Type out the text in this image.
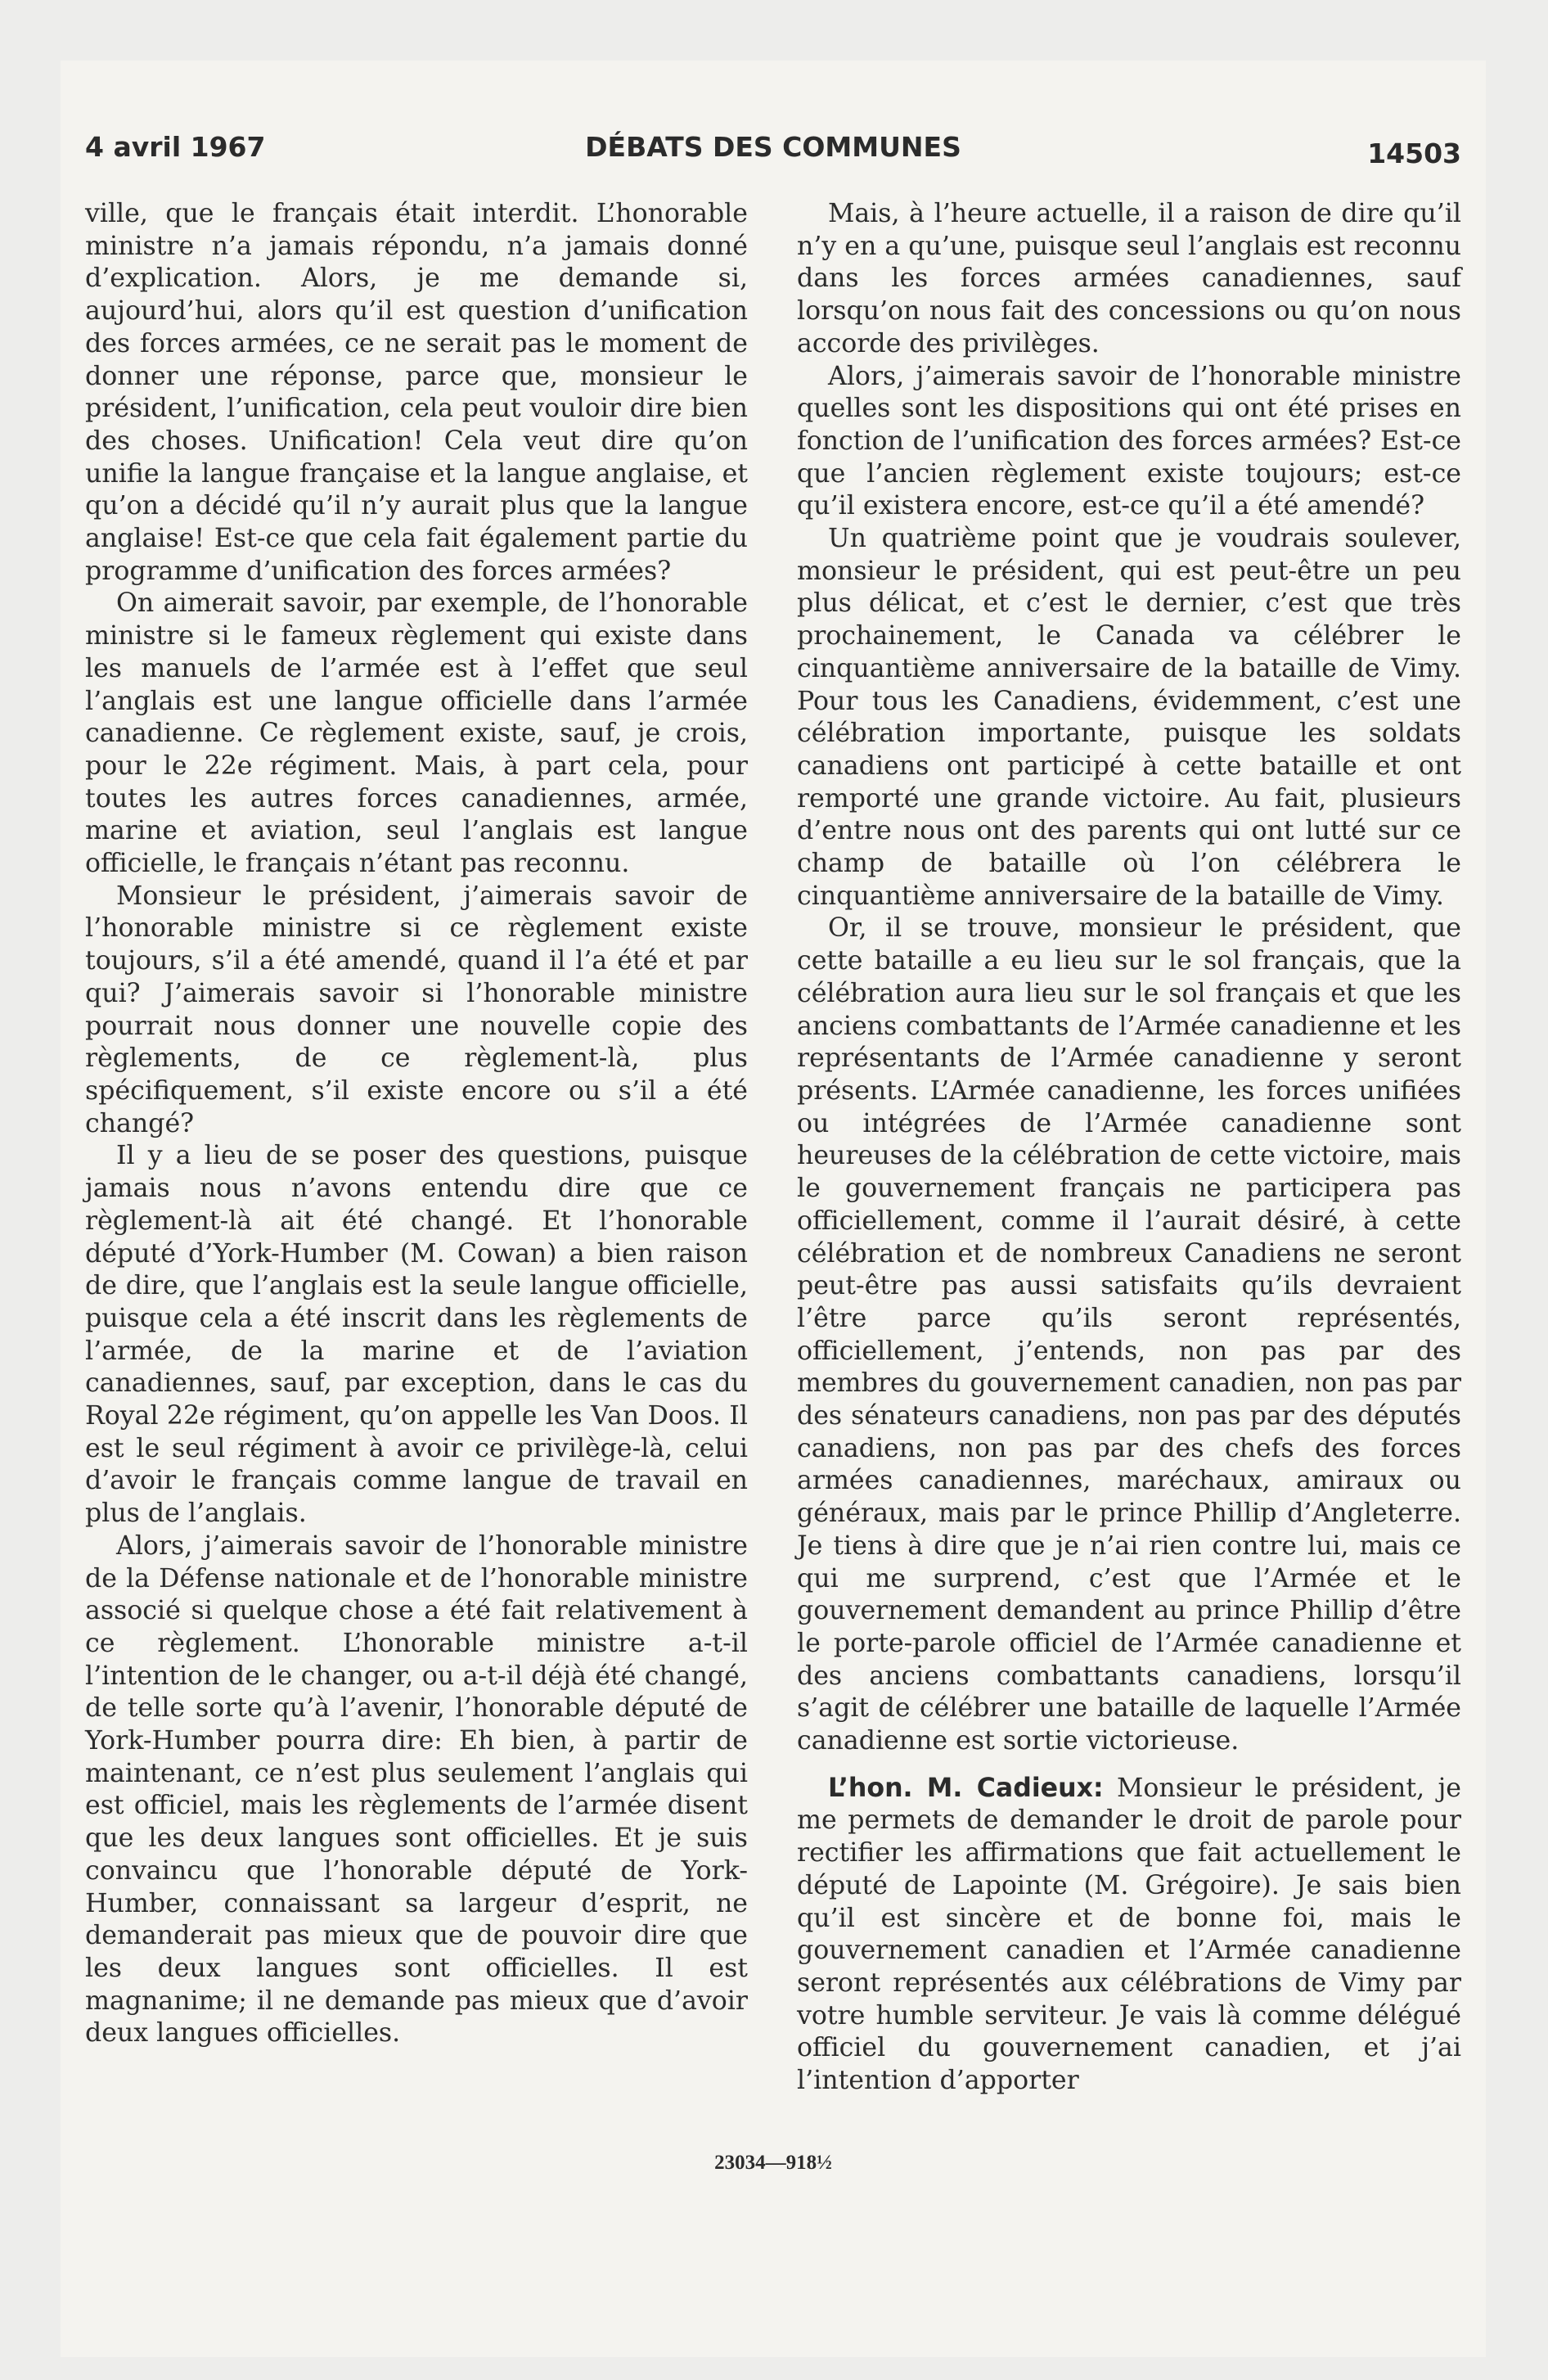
4 avril 1967	DÉBATS DES COMMUNES	14503

ville, que le français était interdit. L’honorable ministre n’a jamais répondu, n’a jamais donné d’explication. Alors, je me demande si, aujourd’hui, alors qu’il est question d’unification des forces armées, ce ne serait pas le moment de donner une réponse, parce que, monsieur le président, l’unification, cela peut vouloir dire bien des choses. Unification! Cela veut dire qu’on unifie la langue française et la langue anglaise, et qu’on a décidé qu’il n’y aurait plus que la langue anglaise! Est-ce que cela fait également partie du programme d’unification des forces armées?

On aimerait savoir, par exemple, de l’honorable ministre si le fameux règlement qui existe dans les manuels de l’armée est à l’effet que seul l’anglais est une langue officielle dans l’armée canadienne. Ce règlement existe, sauf, je crois, pour le 22e régiment. Mais, à part cela, pour toutes les autres forces canadiennes, armée, marine et aviation, seul l’anglais est langue officielle, le français n’étant pas reconnu.

Monsieur le président, j’aimerais savoir de l’honorable ministre si ce règlement existe toujours, s’il a été amendé, quand il l’a été et par qui? J’aimerais savoir si l’honorable ministre pourrait nous donner une nouvelle copie des règlements, de ce règlement-là, plus spécifiquement, s’il existe encore ou s’il a été changé?

Il y a lieu de se poser des questions, puisque jamais nous n’avons entendu dire que ce règlement-là ait été changé. Et l’honorable député d’York-Humber (M. Cowan) a bien raison de dire, que l’anglais est la seule langue officielle, puisque cela a été inscrit dans les règlements de l’armée, de la marine et de l’aviation canadiennes, sauf, par exception, dans le cas du Royal 22e régiment, qu’on appelle les Van Doos. Il est le seul régiment à avoir ce privilège-là, celui d’avoir le français comme langue de travail en plus de l’anglais.

Alors, j’aimerais savoir de l’honorable ministre de la Défense nationale et de l’honorable ministre associé si quelque chose a été fait relativement à ce règlement. L’honorable ministre a-t-il l’intention de le changer, ou a-t-il déjà été changé, de telle sorte qu’à l’avenir, l’honorable député de York-Humber pourra dire: Eh bien, à partir de maintenant, ce n’est plus seulement l’anglais qui est officiel, mais les règlements de l’armée disent que les deux langues sont officielles. Et je suis convaincu que l’honorable député de York-Humber, connaissant sa largeur d’esprit, ne demanderait pas mieux que de pouvoir dire que les deux langues sont officielles. Il est magnanime; il ne demande pas mieux que d’avoir deux langues officielles.

Mais, à l’heure actuelle, il a raison de dire qu’il n’y en a qu’une, puisque seul l’anglais est reconnu dans les forces armées canadiennes, sauf lorsqu’on nous fait des concessions ou qu’on nous accorde des privilèges.

Alors, j’aimerais savoir de l’honorable ministre quelles sont les dispositions qui ont été prises en fonction de l’unification des forces armées? Est-ce que l’ancien règlement existe toujours; est-ce qu’il existera encore, est-ce qu’il a été amendé?

Un quatrième point que je voudrais soulever, monsieur le président, qui est peut-être un peu plus délicat, et c’est le dernier, c’est que très prochainement, le Canada va célébrer le cinquantième anniversaire de la bataille de Vimy. Pour tous les Canadiens, évidemment, c’est une célébration importante, puisque les soldats canadiens ont participé à cette bataille et ont remporté une grande victoire. Au fait, plusieurs d’entre nous ont des parents qui ont lutté sur ce champ de bataille où l’on célébrera le cinquantième anniversaire de la bataille de Vimy.

Or, il se trouve, monsieur le président, que cette bataille a eu lieu sur le sol français, que la célébration aura lieu sur le sol français et que les anciens combattants de l’Armée canadienne et les représentants de l’Armée canadienne y seront présents. L’Armée canadienne, les forces unifiées ou intégrées de l’Armée canadienne sont heureuses de la célébration de cette victoire, mais le gouvernement français ne participera pas officiellement, comme il l’aurait désiré, à cette célébration et de nombreux Canadiens ne seront peut-être pas aussi satisfaits qu’ils devraient l’être parce qu’ils seront représentés, officiellement, j’entends, non pas par des membres du gouvernement canadien, non pas par des sénateurs canadiens, non pas par des députés canadiens, non pas par des chefs des forces armées canadiennes, maréchaux, amiraux ou généraux, mais par le prince Phillip d’Angleterre. Je tiens à dire que je n’ai rien contre lui, mais ce qui me surprend, c’est que l’Armée et le gouvernement demandent au prince Phillip d’être le porte-parole officiel de l’Armée canadienne et des anciens combattants canadiens, lorsqu’il s’agit de célébrer une bataille de laquelle l’Armée canadienne est sortie victorieuse.

L’hon. M. Cadieux: Monsieur le président, je me permets de demander le droit de parole pour rectifier les affirmations que fait actuellement le député de Lapointe (M. Grégoire). Je sais bien qu’il est sincère et de bonne foi, mais le gouvernement canadien et l’Armée canadienne seront représentés aux célébrations de Vimy par votre humble serviteur. Je vais là comme délégué officiel du gouvernement canadien, et j’ai l’intention d’apporter

23034—918½
